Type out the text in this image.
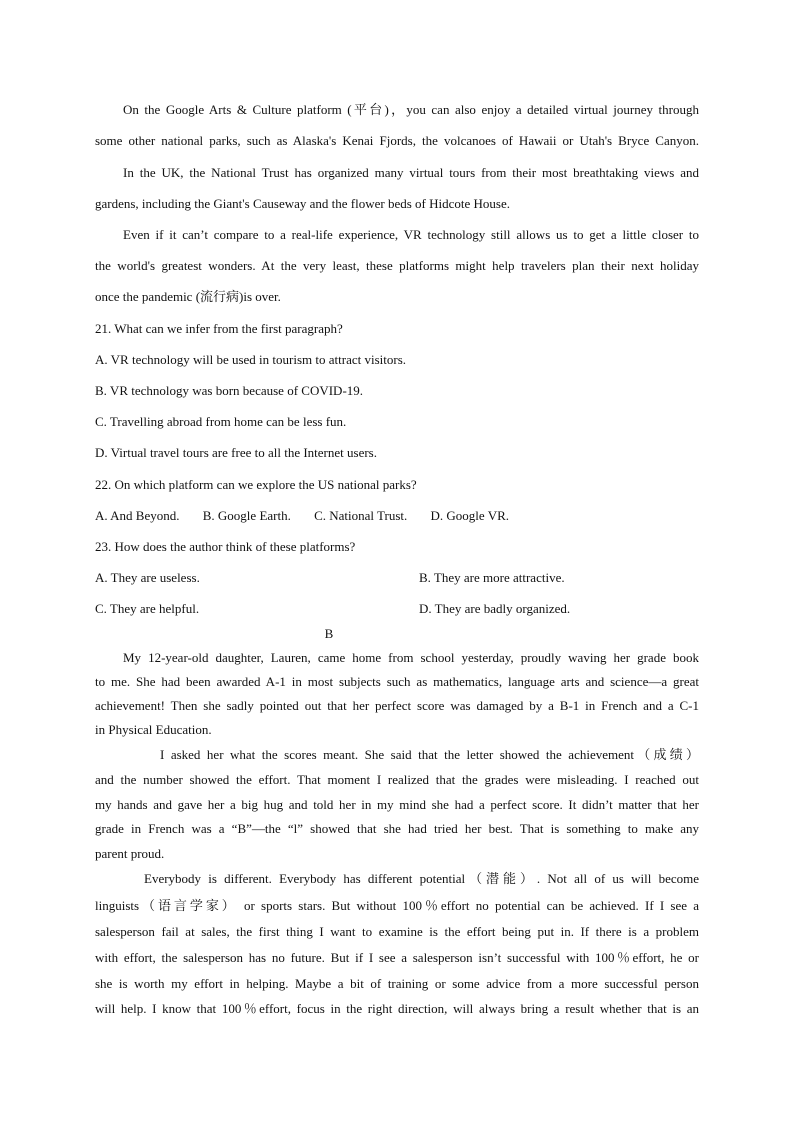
On the Google Arts & Culture platform (平台)，you can also enjoy a detailed virtual journey through
some other national parks, such as Alaska's Kenai Fjords, the volcanoes of Hawaii or Utah's Bryce Canyon.
In the UK, the National Trust has organized many virtual tours from their most breathtaking views and
gardens, including the Giant's Causeway and the flower beds of Hidcote House.
Even if it can’t compare to a real-life experience, VR technology still allows us to get a little closer to
the world's greatest wonders. At the very least, these platforms might help travelers plan their next holiday
once the pandemic (流行病)is over.
21. What can we infer from the first paragraph?
A. VR technology will be used in tourism to attract visitors.
B. VR technology was born because of COVID-19.
C. Travelling abroad from home can be less fun.
D. Virtual travel tours are free to all the Internet users.
22. On which platform can we explore the US national parks?
A. And Beyond. B. Google Earth. C. National Trust. D. Google VR.
23. How does the author think of these platforms?
A. They are useless.	B. They are more attractive.
C. They are helpful.	D. They are badly organized.
B
My 12-year-old daughter, Lauren, came home from school yesterday, proudly waving her grade book
to me. She had been awarded A-1 in most subjects such as mathematics, language arts and science—a great
achievement! Then she sadly pointed out that her perfect score was damaged by a B-1 in French and a C-1
in Physical Education.
I asked her what the scores meant. She said that the letter showed the achievement（成绩）
and the number showed the effort. That moment I realized that the grades were misleading. I reached out
my hands and gave her a big hug and told her in my mind she had a perfect score. It didn’t matter that her
grade in French was a “B”—the “l” showed that she had tried her best. That is something to make any
parent proud.
Everybody is different. Everybody has different potential（潜能）. Not all of us will become
linguists（语言学家） or sports stars. But without 100％effort no potential can be achieved. If I see a
salesperson fail at sales, the first thing I want to examine is the effort being put in. If there is a problem
with effort, the salesperson has no future. But if I see a salesperson isn’t successful with 100％effort, he or
she is worth my effort in helping. Maybe a bit of training or some advice from a more successful person
will help. I know that 100％effort, focus in the right direction, will always bring a result whether that is an
